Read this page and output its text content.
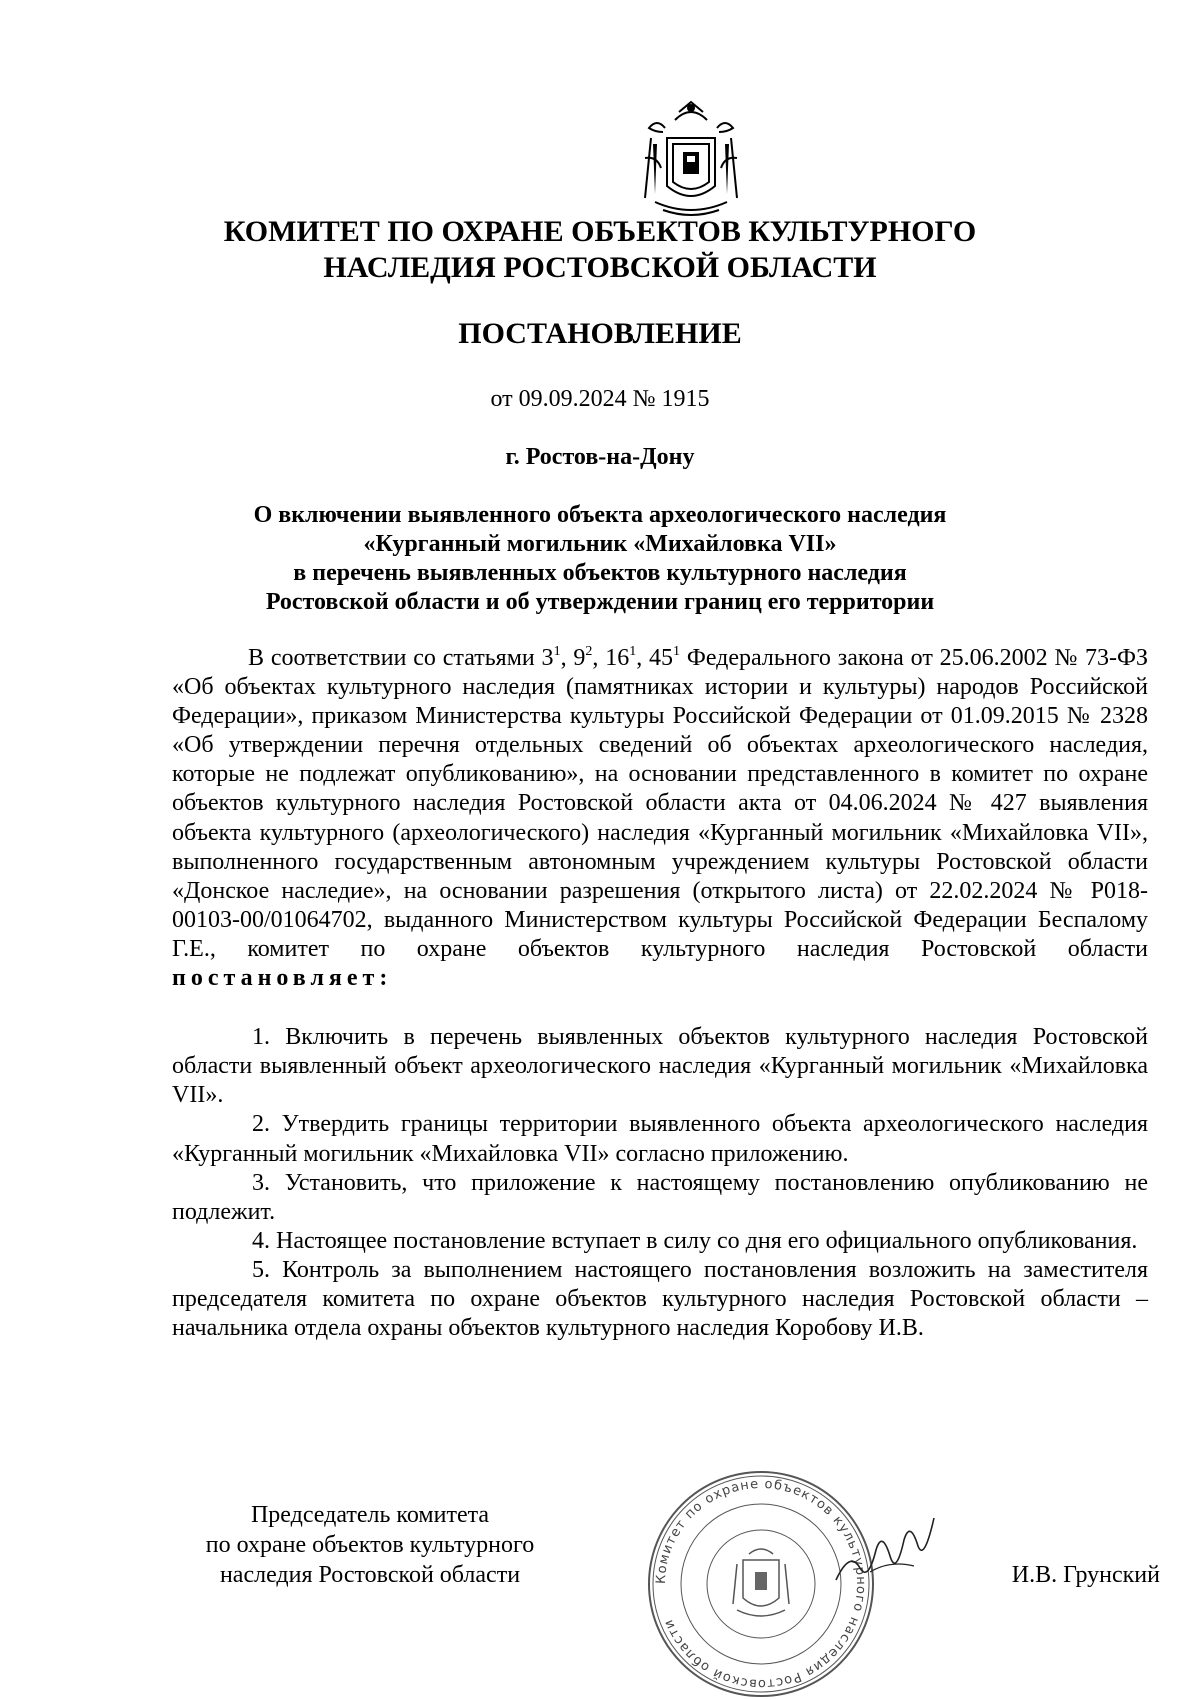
КОМИТЕТ ПО ОХРАНЕ ОБЪЕКТОВ КУЛЬТУРНОГО
НАСЛЕДИЯ РОСТОВСКОЙ ОБЛАСТИ
ПОСТАНОВЛЕНИЕ
от 09.09.2024 № 1915
г. Ростов-на-Дону
О включении выявленного объекта археологического наследия
«Курганный могильник «Михайловка VII»
в перечень выявленных объектов культурного наследия
Ростовской области и об утверждении границ его территории

В соответствии со статьями $3^1$, $9^2$, $16^1$, $45^1$ Федерального закона от 25.06.2002 № 73-ФЗ «Об объектах культурного наследия (памятниках истории и культуры) народов Российской Федерации», приказом Министерства культуры Российской Федерации от 01.09.2015 № 2328 «Об утверждении перечня отдельных сведений об объектах археологического наследия, которые не подлежат опубликованию», на основании представленного в комитет по охране объектов культурного наследия Ростовской области акта от 04.06.2024 № 427 выявления объекта культурного (археологического) наследия «Курганный могильник «Михайловка VII», выполненного государственным автономным учреждением культуры Ростовской области «Донское наследие», на основании разрешения (открытого листа) от 22.02.2024 № Р018-00103-00/01064702, выданного Министерством культуры Российской Федерации Беспалому Г.Е., комитет по охране объектов культурного наследия Ростовской области постановляет:

1. Включить в перечень выявленных объектов культурного наследия Ростовской области выявленный объект археологического наследия «Курганный могильник «Михайловка VII».

2. Утвердить границы территории выявленного объекта археологического наследия «Курганный могильник «Михайловка VII» согласно приложению.

3. Установить, что приложение к настоящему постановлению опубликованию не подлежит.

4. Настоящее постановление вступает в силу со дня его официального опубликования.

5. Контроль за выполнением настоящего постановления возложить на заместителя председателя комитета по охране объектов культурного наследия Ростовской области – начальника отдела охраны объектов культурного наследия Коробову И.В.

Председатель комитета
по охране объектов культурного
наследия Ростовской области	Комитет по охране объектов культурного наследия Ростовской области
И.В. Грунский
